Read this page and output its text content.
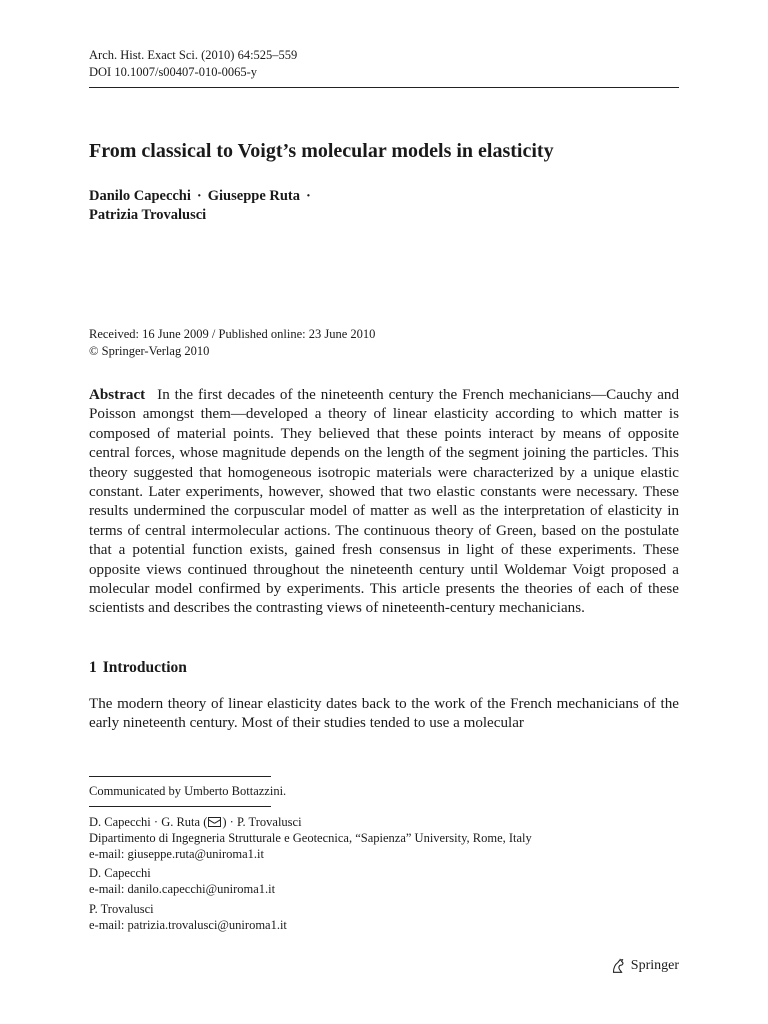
Arch. Hist. Exact Sci. (2010) 64:525–559
DOI 10.1007/s00407-010-0065-y
From classical to Voigt’s molecular models in elasticity
Danilo Capecchi · Giuseppe Ruta ·
Patrizia Trovalusci
Received: 16 June 2009 / Published online: 23 June 2010
© Springer-Verlag 2010

Abstract In the first decades of the nineteenth century the French mechanicians—Cauchy and Poisson amongst them—developed a theory of linear elasticity according to which matter is composed of material points. They believed that these points interact by means of opposite central forces, whose magnitude depends on the length of the segment joining the particles. This theory suggested that homogeneous isotropic materials were characterized by a unique elastic constant. Later experiments, however, showed that two elastic constants were necessary. These results undermined the corpuscular model of matter as well as the interpretation of elasticity in terms of central intermolecular actions. The continuous theory of Green, based on the postulate that a potential function exists, gained fresh consensus in light of these experiments. These opposite views continued throughout the nineteenth century until Woldemar Voigt proposed a molecular model confirmed by experiments. This article presents the theories of each of these scientists and describes the contrasting views of nineteenth-century mechanicians.

1 Introduction

The modern theory of linear elasticity dates back to the work of the French mechanicians of the early nineteenth century. Most of their studies tended to use a molecular

Communicated by Umberto Bottazzini.
D. Capecchi · G. Ruta ( ) · P. Trovalusci
Dipartimento di Ingegneria Strutturale e Geotecnica, “Sapienza” University, Rome, Italy
e-mail: giuseppe.ruta@uniroma1.it
D. Capecchi
e-mail: danilo.capecchi@uniroma1.it
P. Trovalusci
e-mail: patrizia.trovalusci@uniroma1.it
Springer
